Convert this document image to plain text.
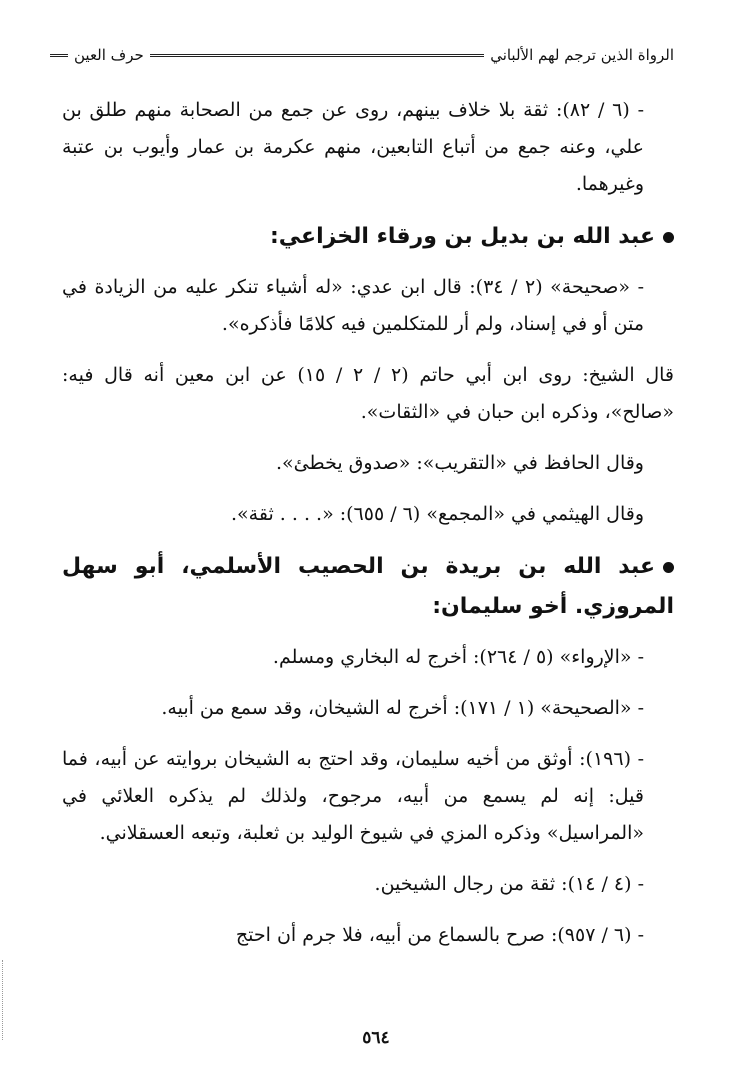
الرواة الذين ترجم لهم الألباني
حرف العين

- (٦ / ٨٢): ثقة بلا خلاف بينهم، روى عن جمع من الصحابة منهم طلق بن علي، وعنه جمع من أتباع التابعين، منهم عكرمة بن عمار وأيوب بن عتبة وغيرهما.

عبد الله بن بديل بن ورقاء الخزاعي:

- «صحيحة» (٢ / ٣٤): قال ابن عدي: «له أشياء تنكر عليه من الزيادة في متن أو في إسناد، ولم أر للمتكلمين فيه كلامًا فأذكره».

قال الشيخ: روى ابن أبي حاتم (٢ / ٢ / ١٥) عن ابن معين أنه قال فيه: «صالح»، وذكره ابن حبان في «الثقات».

وقال الحافظ في «التقريب»: «صدوق يخطئ».

وقال الهيثمي في «المجمع» (٦ / ٦٥٥): «. . . . ثقة».

عبد الله بن بريدة بن الحصيب الأسلمي، أبو سهل المروزي. أخو سليمان:

- «الإرواء» (٥ / ٢٦٤): أخرج له البخاري ومسلم.

- «الصحيحة» (١ / ١٧١): أخرج له الشيخان، وقد سمع من أبيه.

- (١٩٦): أوثق من أخيه سليمان، وقد احتج به الشيخان بروايته عن أبيه، فما قيل: إنه لم يسمع من أبيه، مرجوح، ولذلك لم يذكره العلائي في «المراسيل» وذكره المزي في شيوخ الوليد بن ثعلبة، وتبعه العسقلاني.

- (٤ / ١٤): ثقة من رجال الشيخين.

- (٦ / ٩٥٧): صرح بالسماع من أبيه، فلا جرم أن احتج

٥٦٤
